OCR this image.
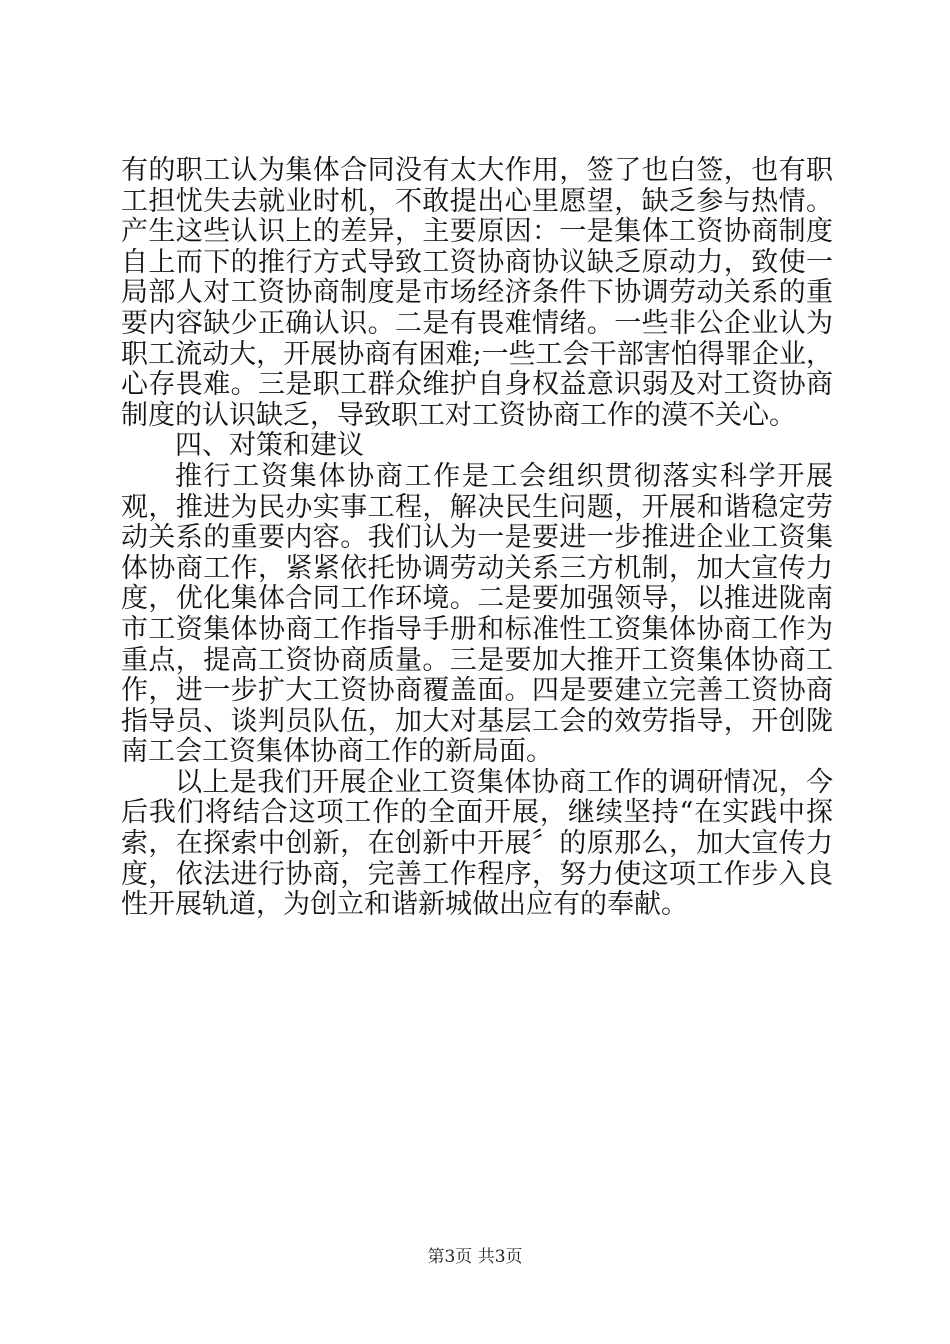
有的职工认为集体合同没有太大作用，签了也白签，也有职工担忧失去就业时机，不敢提出心里愿望，缺乏参与热情。产生这些认识上的差异，主要原因：一是集体工资协商制度自上而下的推行方式导致工资协商协议缺乏原动力，致使一局部人对工资协商制度是市场经济条件下协调劳动关系的重要内容缺少正确认识。二是有畏难情绪。一些非公企业认为职工流动大，开展协商有困难;一些工会干部害怕得罪企业，心存畏难。三是职工群众维护自身权益意识弱及对工资协商制度的认识缺乏，导致职工对工资协商工作的漠不关心。

四、对策和建议

推行工资集体协商工作是工会组织贯彻落实科学开展观，推进为民办实事工程，解决民生问题，开展和谐稳定劳动关系的重要内容。我们认为一是要进一步推进企业工资集体协商工作，紧紧依托协调劳动关系三方机制，加大宣传力度，优化集体合同工作环境。二是要加强领导，以推进陇南市工资集体协商工作指导手册和标准性工资集体协商工作为重点，提高工资协商质量。三是要加大推开工资集体协商工作，进一步扩大工资协商覆盖面。四是要建立完善工资协商指导员、谈判员队伍，加大对基层工会的效劳指导，开创陇南工会工资集体协商工作的新局面。

以上是我们开展企业工资集体协商工作的调研情况，今后我们将结合这项工作的全面开展，继续坚持“在实践中探索，在探索中创新，在创新中开展〞的原那么，加大宣传力度，依法进行协商，完善工作程序，努力使这项工作步入良性开展轨道，为创立和谐新城做出应有的奉献。

第3页 共3页
